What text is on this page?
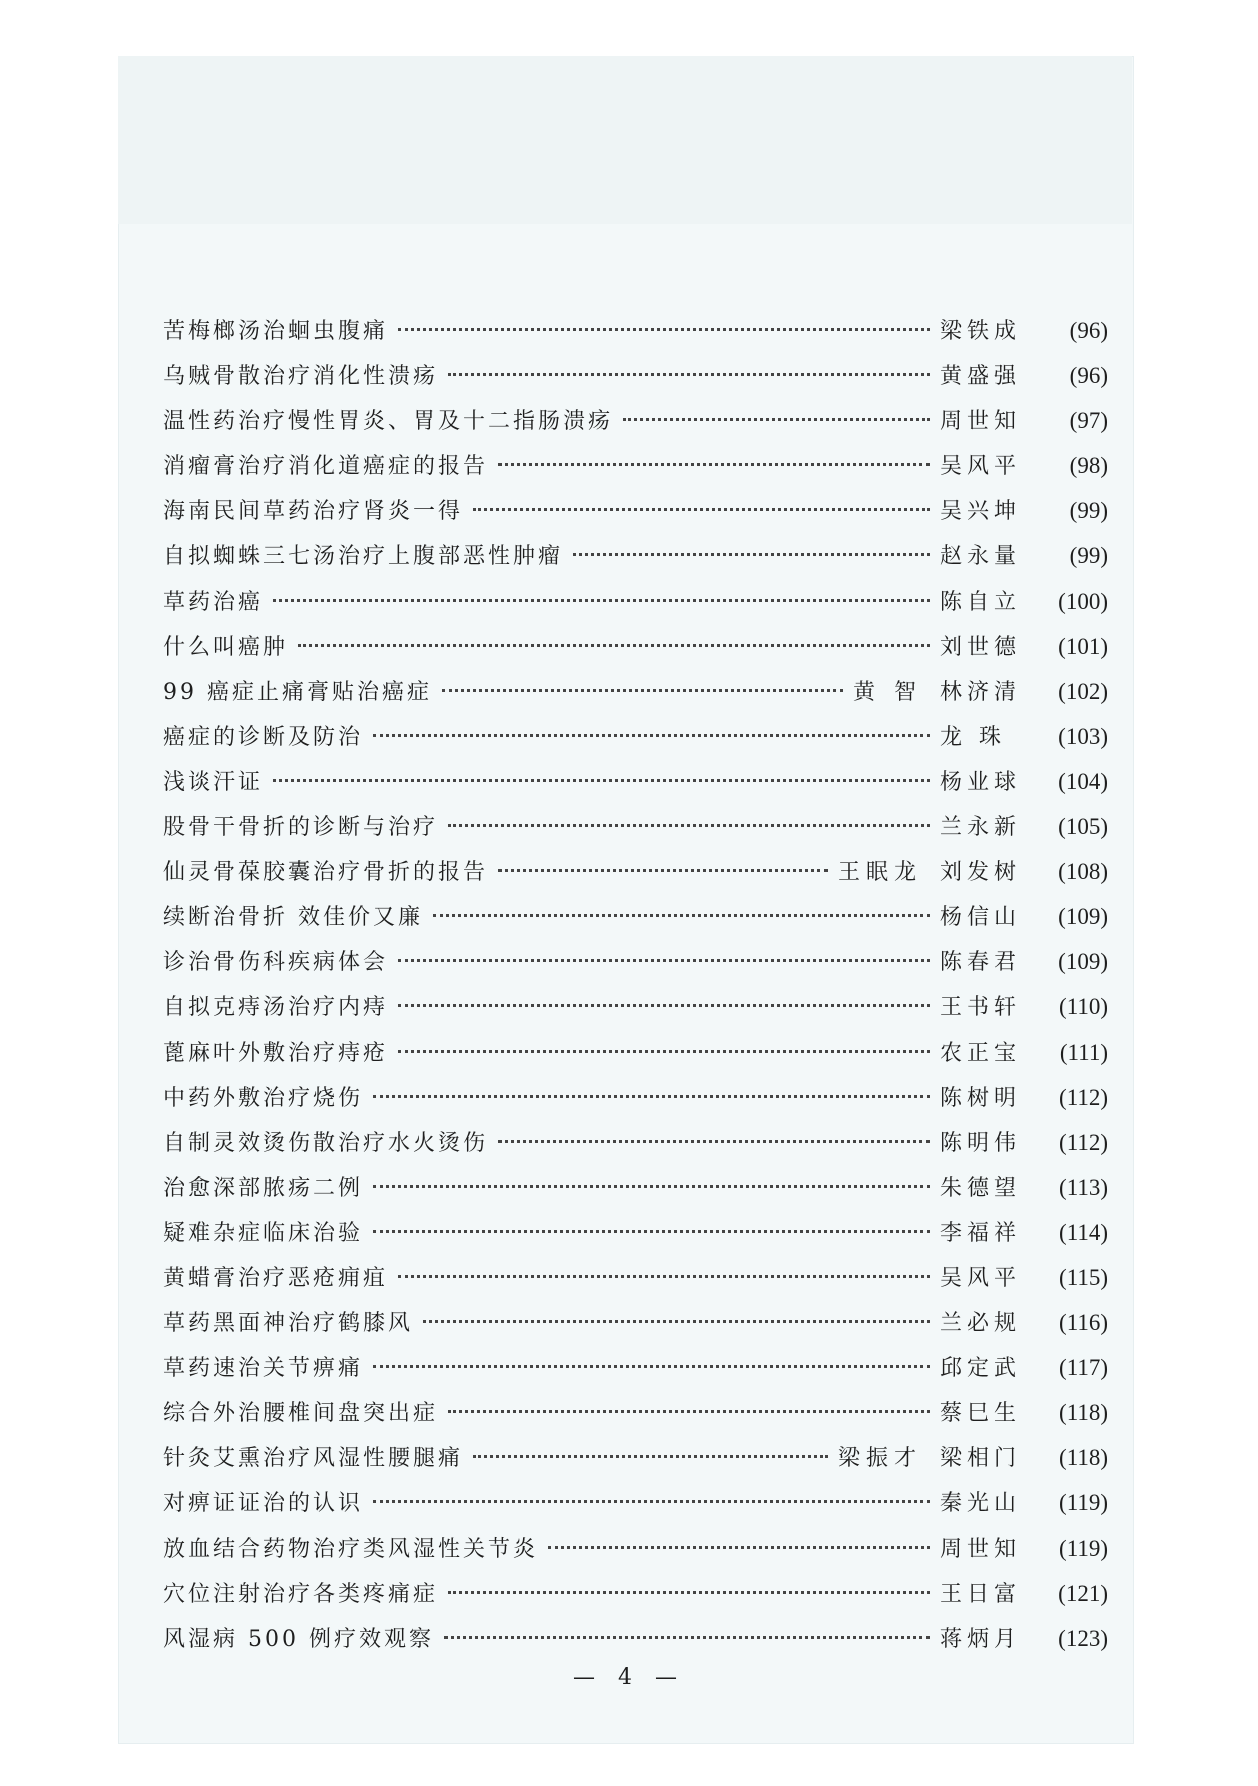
苦梅榔汤治蛔虫腹痛	梁铁成	(96)
乌贼骨散治疗消化性溃疡	黄盛强	(96)
温性药治疗慢性胃炎、胃及十二指肠溃疡	周世知	(97)
消瘤膏治疗消化道癌症的报告	吴风平	(98)
海南民间草药治疗肾炎一得	吴兴坤	(99)
自拟蜘蛛三七汤治疗上腹部恶性肿瘤	赵永量	(99)
草药治癌	陈自立	(100)
什么叫癌肿	刘世德	(101)
99 癌症止痛膏贴治癌症	黄 智 林济清	(102)
癌症的诊断及防治	龙 珠	(103)
浅谈汗证	杨业球	(104)
股骨干骨折的诊断与治疗	兰永新	(105)
仙灵骨葆胶囊治疗骨折的报告	王眠龙 刘发树	(108)
续断治骨折 效佳价又廉	杨信山	(109)
诊治骨伤科疾病体会	陈春君	(109)
自拟克痔汤治疗内痔	王书轩	(110)
蓖麻叶外敷治疗痔疮	农正宝	(111)
中药外敷治疗烧伤	陈树明	(112)
自制灵效烫伤散治疗水火烫伤	陈明伟	(112)
治愈深部脓疡二例	朱德望	(113)
疑难杂症临床治验	李福祥	(114)
黄蜡膏治疗恶疮痈疽	吴风平	(115)
草药黑面神治疗鹤膝风	兰必规	(116)
草药速治关节痹痛	邱定武	(117)
综合外治腰椎间盘突出症	蔡巳生	(118)
针灸艾熏治疗风湿性腰腿痛	梁振才 梁相门	(118)
对痹证证治的认识	秦光山	(119)
放血结合药物治疗类风湿性关节炎	周世知	(119)
穴位注射治疗各类疼痛症	王日富	(121)
风湿病 500 例疗效观察	蒋炳月	(123)
— 4 —
